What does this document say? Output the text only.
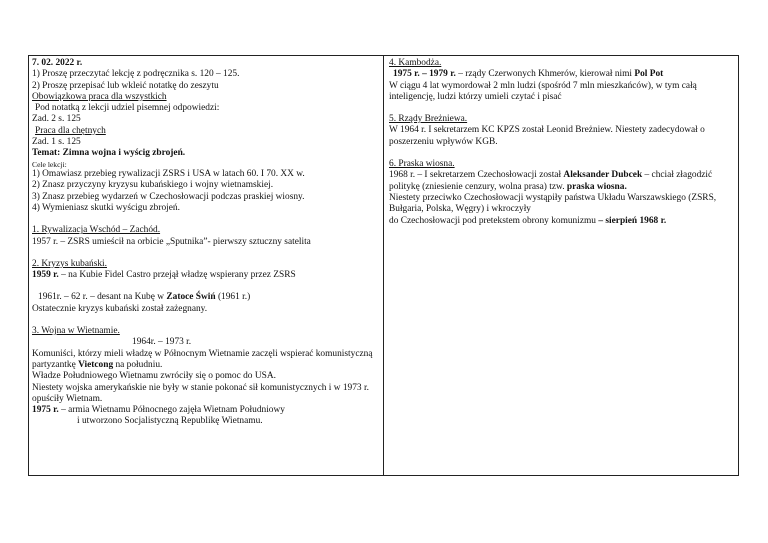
7. 02. 2022 r.
1) Proszę przeczytać lekcję z podręcznika s. 120 – 125.
2) Proszę przepisać lub wkleić notatkę do zeszytu
Obowiązkowa praca dla wszystkich
Pod notatką z lekcji udziel pisemnej odpowiedzi:
Zad. 2 s. 125
Praca dla chętnych
Zad. 1 s. 125
Temat: Zimna wojna i wyścig zbrojeń.
Cele lekcji:
1) Omawiasz przebieg rywalizacji ZSRS i USA w latach 60. I 70. XX w.
2) Znasz przyczyny kryzysu kubańskiego i wojny wietnamskiej.
3) Znasz przebieg wydarzeń w Czechosłowacji podczas praskiej wiosny.
4) Wymieniasz skutki wyścigu zbrojeń.
1. Rywalizacja Wschód – Zachód.
1957 r. – ZSRS umieścił na orbicie „Sputnika”- pierwszy sztuczny satelita
2. Kryzys kubański.
1959 r. – na Kubie Fidel Castro przejął władzę wspierany przez ZSRS
1961r. – 62 r. – desant na Kubę w Zatoce Świń (1961 r.)
Ostatecznie kryzys kubański został zażegnany.
3. Wojna w Wietnamie.
1964r. – 1973 r.
Komuniści, którzy mieli władzę w Północnym Wietnamie zaczęli wspierać komunistyczną partyzantkę Vietcong na południu.
Władze Południowego Wietnamu zwróciły się o pomoc do USA.
Niestety wojska amerykańskie nie były w stanie pokonać sił komunistycznych i w 1973 r. opuściły Wietnam.
1975 r. – armia Wietnamu Północnego zajęła Wietnam Południowy
i utworzono Socjalistyczną Republikę Wietnamu.
4. Kambodża.
1975 r. – 1979 r. – rządy Czerwonych Khmerów, kierował nimi Pol Pot
W ciągu 4 lat wymordował 2 mln ludzi (spośród 7 mln mieszkańców), w tym całą inteligencję, ludzi którzy umieli czytać i pisać
5. Rządy Breżniewa.
W 1964 r. I sekretarzem KC KPZS został Leonid Breżniew. Niestety zadecydował o poszerzeniu wpływów KGB.
6. Praska wiosna.
1968 r. – I sekretarzem Czechosłowacji został Aleksander Dubcek – chciał złagodzić politykę (zniesienie cenzury, wolna prasa) tzw. praska wiosna.
Niestety przeciwko Czechosłowacji wystąpiły państwa Układu Warszawskiego (ZSRS, Bułgaria, Polska, Węgry) i wkroczyły
do Czechosłowacji pod pretekstem obrony komunizmu – sierpień 1968 r.
